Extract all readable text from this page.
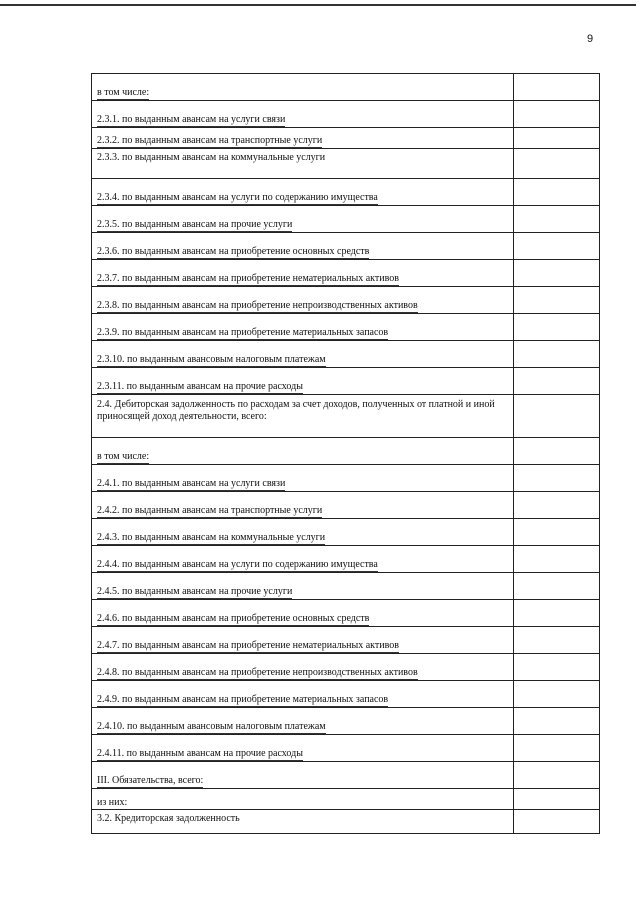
9
в том числе:	
2.3.1. по выданным авансам на услуги связи	
2.3.2. по выданным авансам на транспортные услуги	
2.3.3. по выданным авансам на коммунальные услуги	
2.3.4. по выданным авансам на услуги по содержанию имущества	
2.3.5. по выданным авансам на прочие услуги	
2.3.6. по выданным авансам на приобретение основных средств	
2.3.7. по выданным авансам на приобретение нематериальных активов	
2.3.8. по выданным авансам на приобретение непроизводственных активов	
2.3.9. по выданным авансам на приобретение материальных запасов	
2.3.10. по выданным авансовым налоговым платежам	
2.3.11. по выданным авансам на прочие расходы	
2.4. Дебиторская задолженность по расходам за счет доходов, полученных от платной и иной приносящей доход деятельности, всего:	
в том числе:	
2.4.1. по выданным авансам на услуги связи	
2.4.2. по выданным авансам на транспортные услуги	
2.4.3. по выданным авансам на коммунальные услуги	
2.4.4. по выданным авансам на услуги по содержанию имущества	
2.4.5. по выданным авансам на прочие услуги	
2.4.6. по выданным авансам на приобретение основных средств	
2.4.7. по выданным авансам на приобретение нематериальных активов	
2.4.8. по выданным авансам на приобретение непроизводственных активов	
2.4.9. по выданным авансам на приобретение материальных запасов	
2.4.10. по выданным авансовым налоговым платежам	
2.4.11. по выданным авансам на прочие расходы	
III. Обязательства, всего:	
из них:	
3.2. Кредиторская задолженность	
